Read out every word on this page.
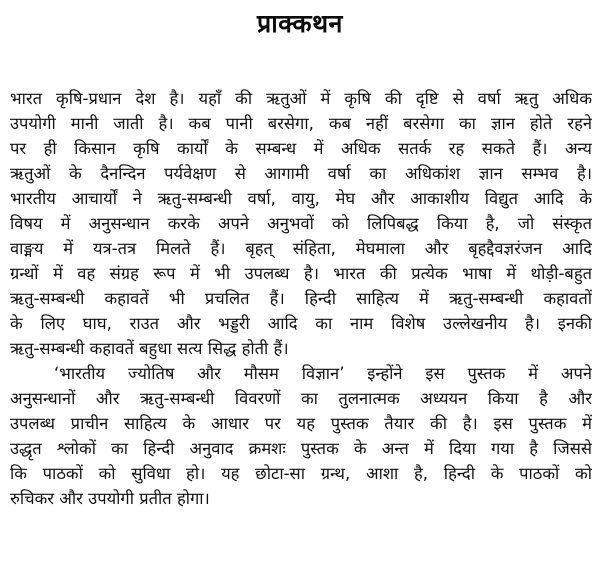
प्राक्कथन
भारत कृषि-प्रधान देश है। यहाँ की ऋतुओं में कृषि की दृष्टि से वर्षा ऋतु अधिक
उपयोगी मानी जाती है। कब पानी बरसेगा, कब नहीं बरसेगा का ज्ञान होते रहने
पर ही किसान कृषि कार्यों के सम्बन्ध में अधिक सतर्क रह सकते हैं। अन्य
ऋतुओं के दैनन्दिन पर्यवेक्षण से आगामी वर्षा का अधिकांश ज्ञान सम्भव है।
भारतीय आचार्यों ने ऋतु-सम्बन्धी वर्षा, वायु, मेघ और आकाशीय विद्युत आदि के
विषय में अनुसन्धान करके अपने अनुभवों को लिपिबद्ध किया है, जो संस्कृत
वाङ्मय में यत्र-तत्र मिलते हैं। बृहत् संहिता, मेघमाला और बृहद्दैवज्ञरंजन आदि
ग्रन्थों में वह संग्रह रूप में भी उपलब्ध है। भारत की प्रत्येक भाषा में थोड़ी-बहुत
ऋतु-सम्बन्धी कहावतें भी प्रचलित हैं। हिन्दी साहित्य में ऋतु-सम्बन्धी कहावतों
के लिए घाघ, राउत और भड्डरी आदि का नाम विशेष उल्लेखनीय है। इनकी
ऋतु-सम्बन्धी कहावतें बहुधा सत्य सिद्ध होती हैं।
‘भारतीय ज्योतिष और मौसम विज्ञान’ इन्होंने इस पुस्तक में अपने
अनुसन्धानों और ऋतु-सम्बन्धी विवरणों का तुलनात्मक अध्ययन किया है और
उपलब्ध प्राचीन साहित्य के आधार पर यह पुस्तक तैयार की है। इस पुस्तक में
उद्धृत श्लोकों का हिन्दी अनुवाद क्रमशः पुस्तक के अन्त में दिया गया है जिससे
कि पाठकों को सुविधा हो। यह छोटा-सा ग्रन्थ, आशा है, हिन्दी के पाठकों को
रुचिकर और उपयोगी प्रतीत होगा।
